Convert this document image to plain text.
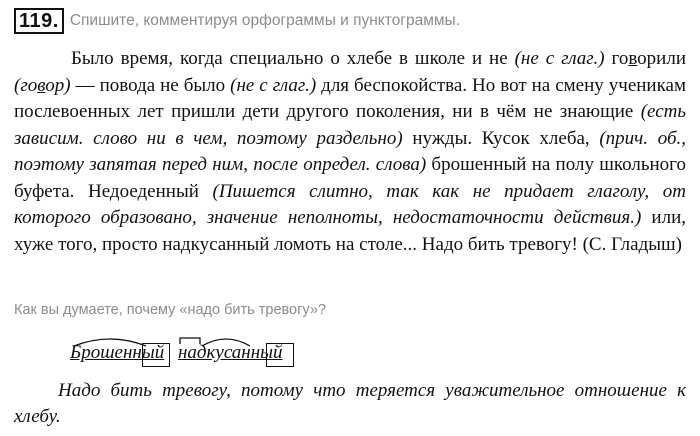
119. Спишите, комментируя орфограммы и пунктограммы.

Было время, когда специально о хлебе в школе и не (не с глаг.) говорили (говор) — повода не было (не с глаг.) для беспокойства. Но вот на смену ученикам послевоенных лет пришли дети другого поколения, ни в чём не знающие (есть зависим. слово ни в чем, поэтому раздельно) нужды. Кусок хлеба, (прич. об., поэтому запятая перед ним, после определ. слова) брошенный на полу школьного буфета. Недоеденный (Пишется слитно, так как не придает глаголу, от которого образовано, значение неполноты, недостаточности действия.) или, хуже того, просто надкусанный ломоть на столе... Надо бить тревогу! (С. Гладыш)

Как вы думаете, почему «надо бить тревогу»?
Брошенный надкусанный

Надо бить тревогу, потому что теряется уважительное отношение к хлебу.
